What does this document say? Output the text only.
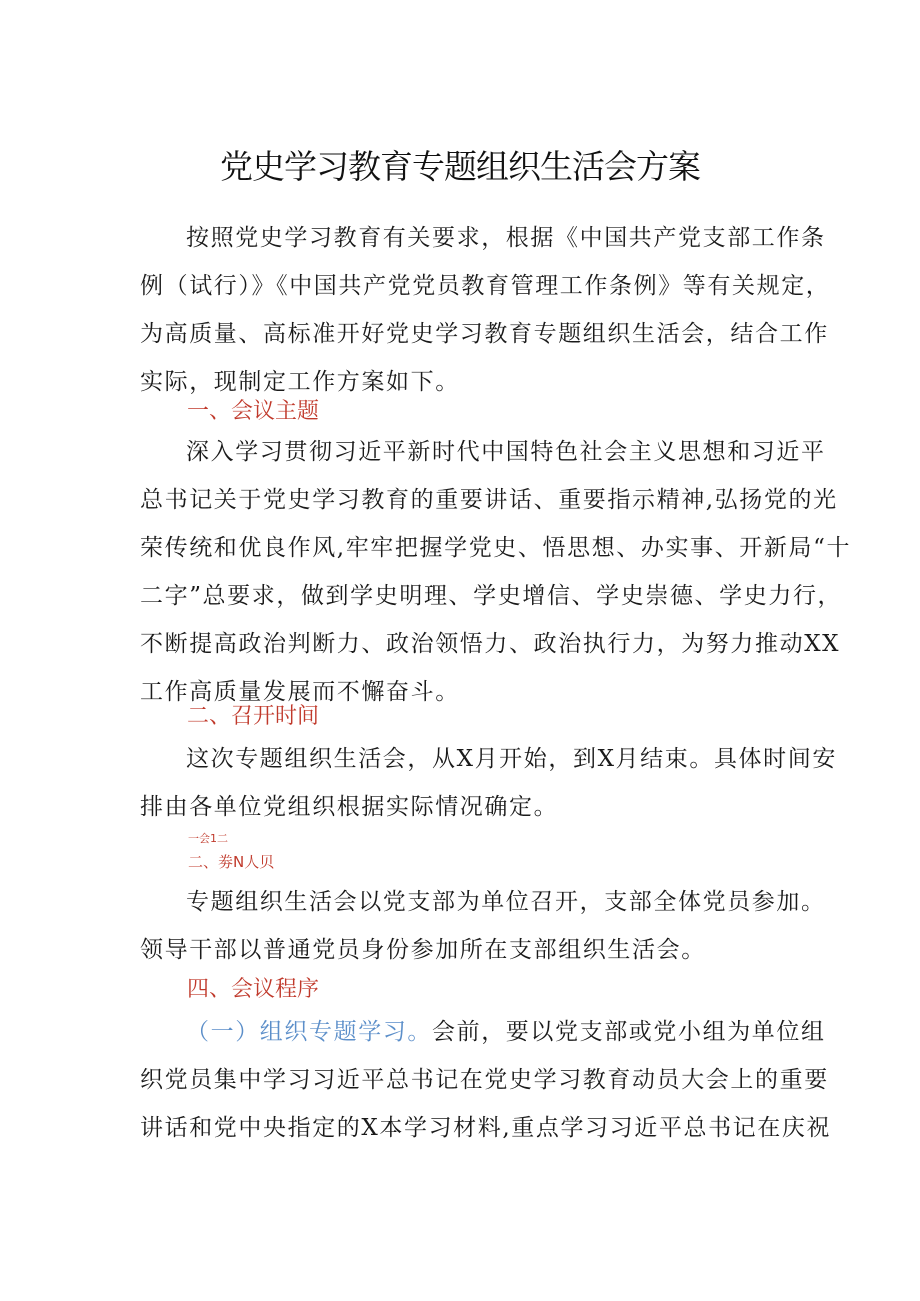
党史学习教育专题组织生活会方案
按照党史学习教育有关要求，根据《中国共产党支部工作条
例（试行）》《中国共产党党员教育管理工作条例》等有关规定，
为高质量、高标准开好党史学习教育专题组织生活会，结合工作
实际，现制定工作方案如下。
一、会议主题
深入学习贯彻习近平新时代中国特色社会主义思想和习近平
总书记关于党史学习教育的重要讲话、重要指示精神,弘扬党的光
荣传统和优良作风,牢牢把握学党史、悟思想、办实事、开新局“十
二字”总要求，做到学史明理、学史增信、学史崇德、学史力行，
不断提高政治判断力、政治领悟力、政治执行力，为努力推动XX
工作高质量发展而不懈奋斗。
二、召开时间
这次专题组织生活会，从X月开始，到X月结束。具体时间安
排由各单位党组织根据实际情况确定。
一会1二
二、劵N人贝
专题组织生活会以党支部为单位召开，支部全体党员参加。
领导干部以普通党员身份参加所在支部组织生活会。
四、会议程序
（一）组织专题学习。会前，要以党支部或党小组为单位组
织党员集中学习习近平总书记在党史学习教育动员大会上的重要
讲话和党中央指定的X本学习材料,重点学习习近平总书记在庆祝
